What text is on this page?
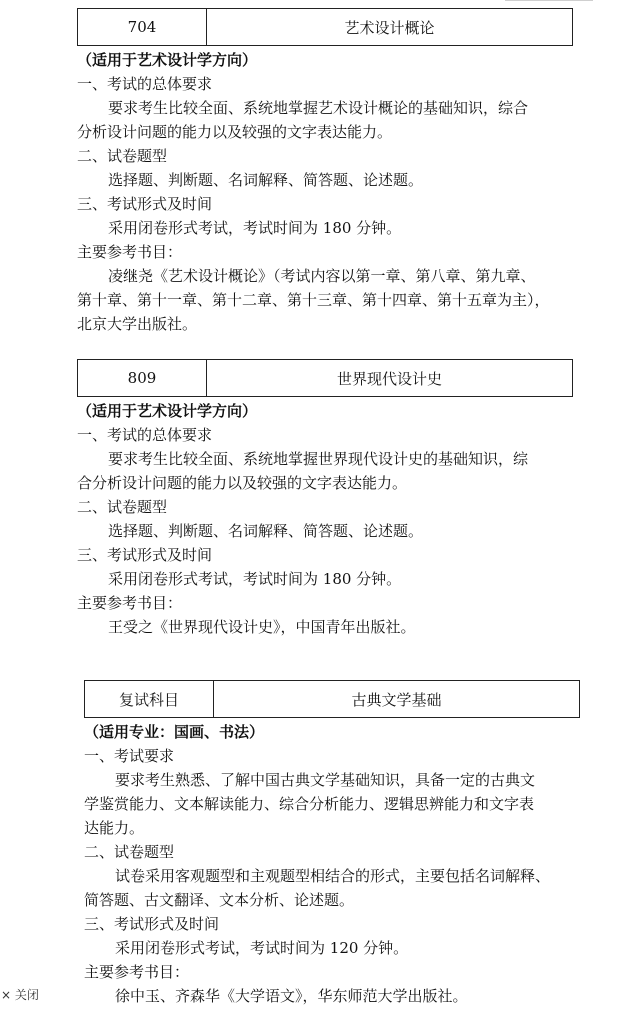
704	艺术设计概论
（适用于艺术设计学方向）
一、考试的总体要求
要求考生比较全面、系统地掌握艺术设计概论的基础知识，综合
分析设计问题的能力以及较强的文字表达能力。
二、试卷题型
选择题、判断题、名词解释、简答题、论述题。
三、考试形式及时间
采用闭卷形式考试，考试时间为 180 分钟。
主要参考书目：
凌继尧《艺术设计概论》（考试内容以第一章、第八章、第九章、
第十章、第十一章、第十二章、第十三章、第十四章、第十五章为主），
北京大学出版社。
809	世界现代设计史
（适用于艺术设计学方向）
一、考试的总体要求
要求考生比较全面、系统地掌握世界现代设计史的基础知识，综
合分析设计问题的能力以及较强的文字表达能力。
二、试卷题型
选择题、判断题、名词解释、简答题、论述题。
三、考试形式及时间
采用闭卷形式考试，考试时间为 180 分钟。
主要参考书目：
王受之《世界现代设计史》，中国青年出版社。
复试科目	古典文学基础
（适用专业：国画、书法）
一、考试要求
要求考生熟悉、了解中国古典文学基础知识，具备一定的古典文
学鉴赏能力、文本解读能力、综合分析能力、逻辑思辨能力和文字表
达能力。
二、试卷题型
试卷采用客观题型和主观题型相结合的形式，主要包括名词解释、
简答题、古文翻译、文本分析、论述题。
三、考试形式及时间
采用闭卷形式考试，考试时间为 120 分钟。
主要参考书目：
徐中玉、齐森华《大学语文》，华东师范大学出版社。
× 关闭
